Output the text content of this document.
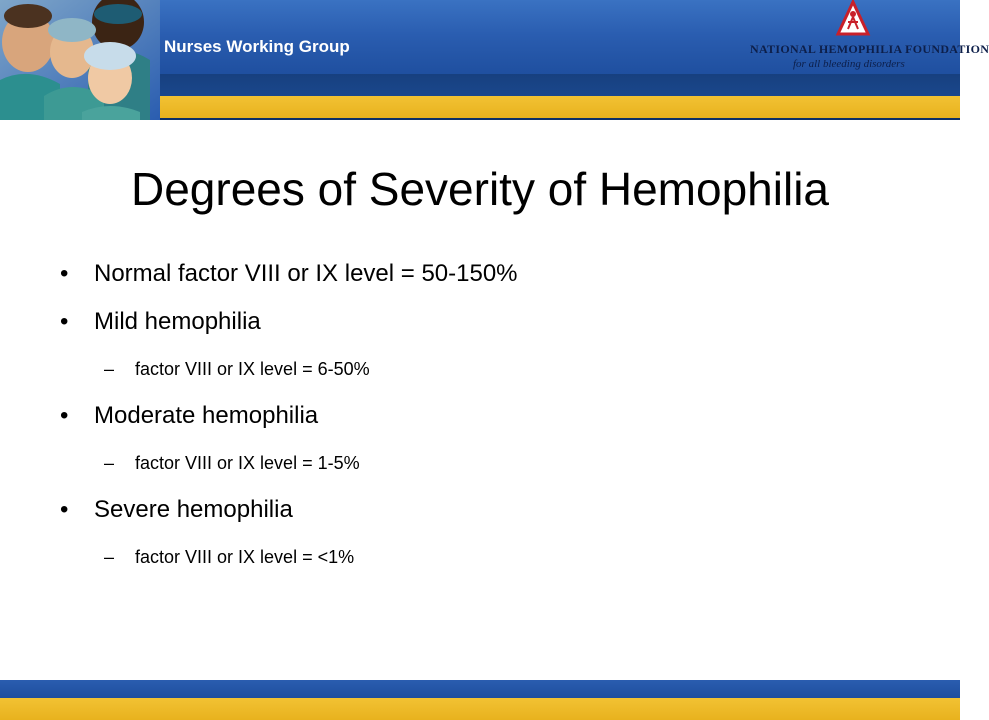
Nurses Working Group	NATIONAL HEMOPHILIA FOUNDATION
for all bleeding disorders
Degrees of Severity of Hemophilia
• Normal factor VIII or IX level = 50-150%
• Mild hemophilia
– factor VIII or IX level = 6-50%
• Moderate hemophilia
– factor VIII or IX level = 1-5%
• Severe hemophilia
– factor VIII or IX level = <1%
